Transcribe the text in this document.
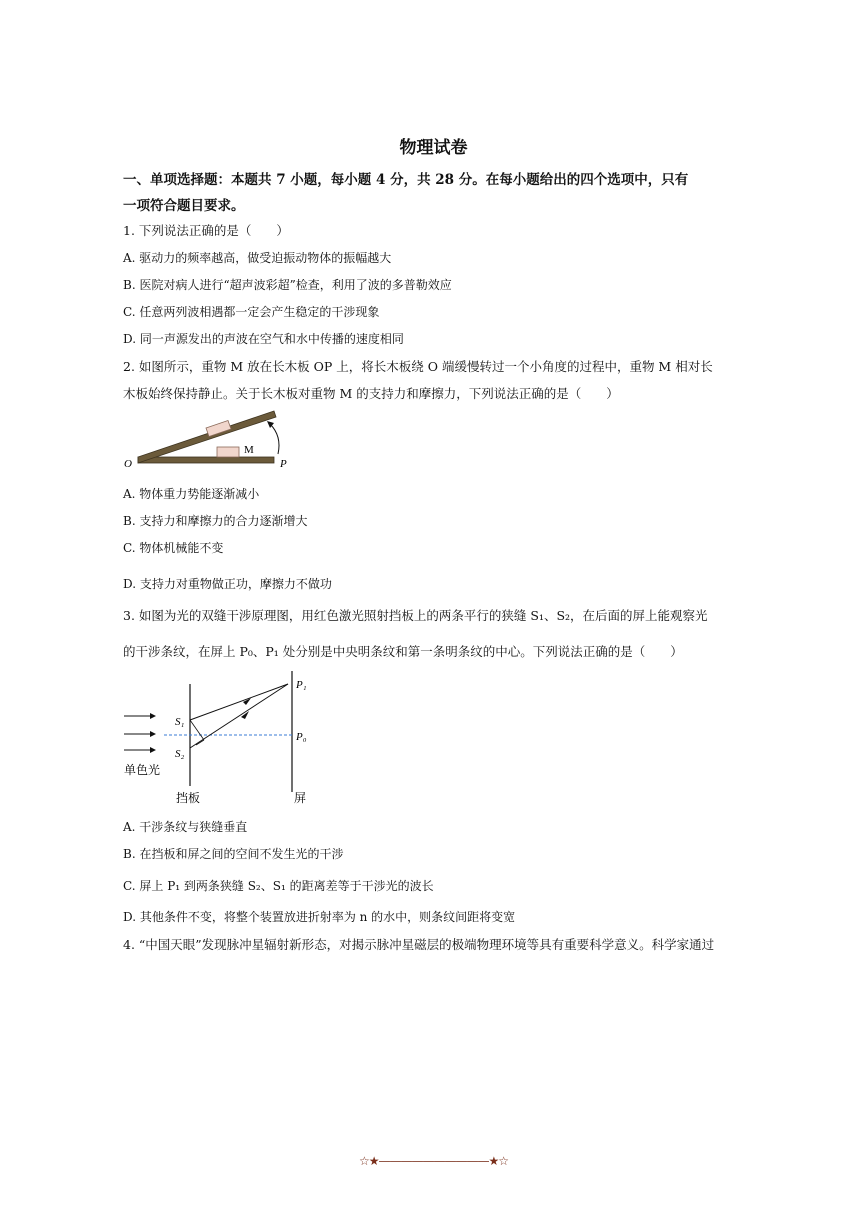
物理试卷
一、单项选择题：本题共 7 小题，每小题 4 分，共 28 分。在每小题给出的四个选项中，只有
一项符合题目要求。
1. 下列说法正确的是（　　）
A. 驱动力的频率越高，做受迫振动物体的振幅越大
B. 医院对病人进行“超声波彩超”检查，利用了波的多普勒效应
C. 任意两列波相遇都一定会产生稳定的干涉现象
D. 同一声源发出的声波在空气和水中传播的速度相同
2. 如图所示，重物 M 放在长木板 OP 上，将长木板绕 O 端缓慢转过一个小角度的过程中，重物 M 相对长
木板始终保持静止。关于长木板对重物 M 的支持力和摩擦力，下列说法正确的是（　　）
O	P
M
A. 物体重力势能逐渐减小
B. 支持力和摩擦力的合力逐渐增大
C. 物体机械能不变
D. 支持力对重物做正功，摩擦力不做功
3. 如图为光的双缝干涉原理图，用红色激光照射挡板上的两条平行的狭缝 S₁、S₂，在后面的屏上能观察光
的干涉条纹，在屏上 P₀、P₁ 处分别是中央明条纹和第一条明条纹的中心。下列说法正确的是（　　）
S₁
S₂
P₁
P₀
单色光
挡板	屏
A. 干涉条纹与狭缝垂直
B. 在挡板和屏之间的空间不发生光的干涉
C. 屏上 P₁ 到两条狭缝 S₂、S₁ 的距离差等于干涉光的波长
D. 其他条件不变，将整个装置放进折射率为 n 的水中，则条纹间距将变宽
4. “中国天眼”发现脉冲星辐射新形态，对揭示脉冲星磁层的极端物理环境等具有重要科学意义。科学家通过
☆★——————————★☆
